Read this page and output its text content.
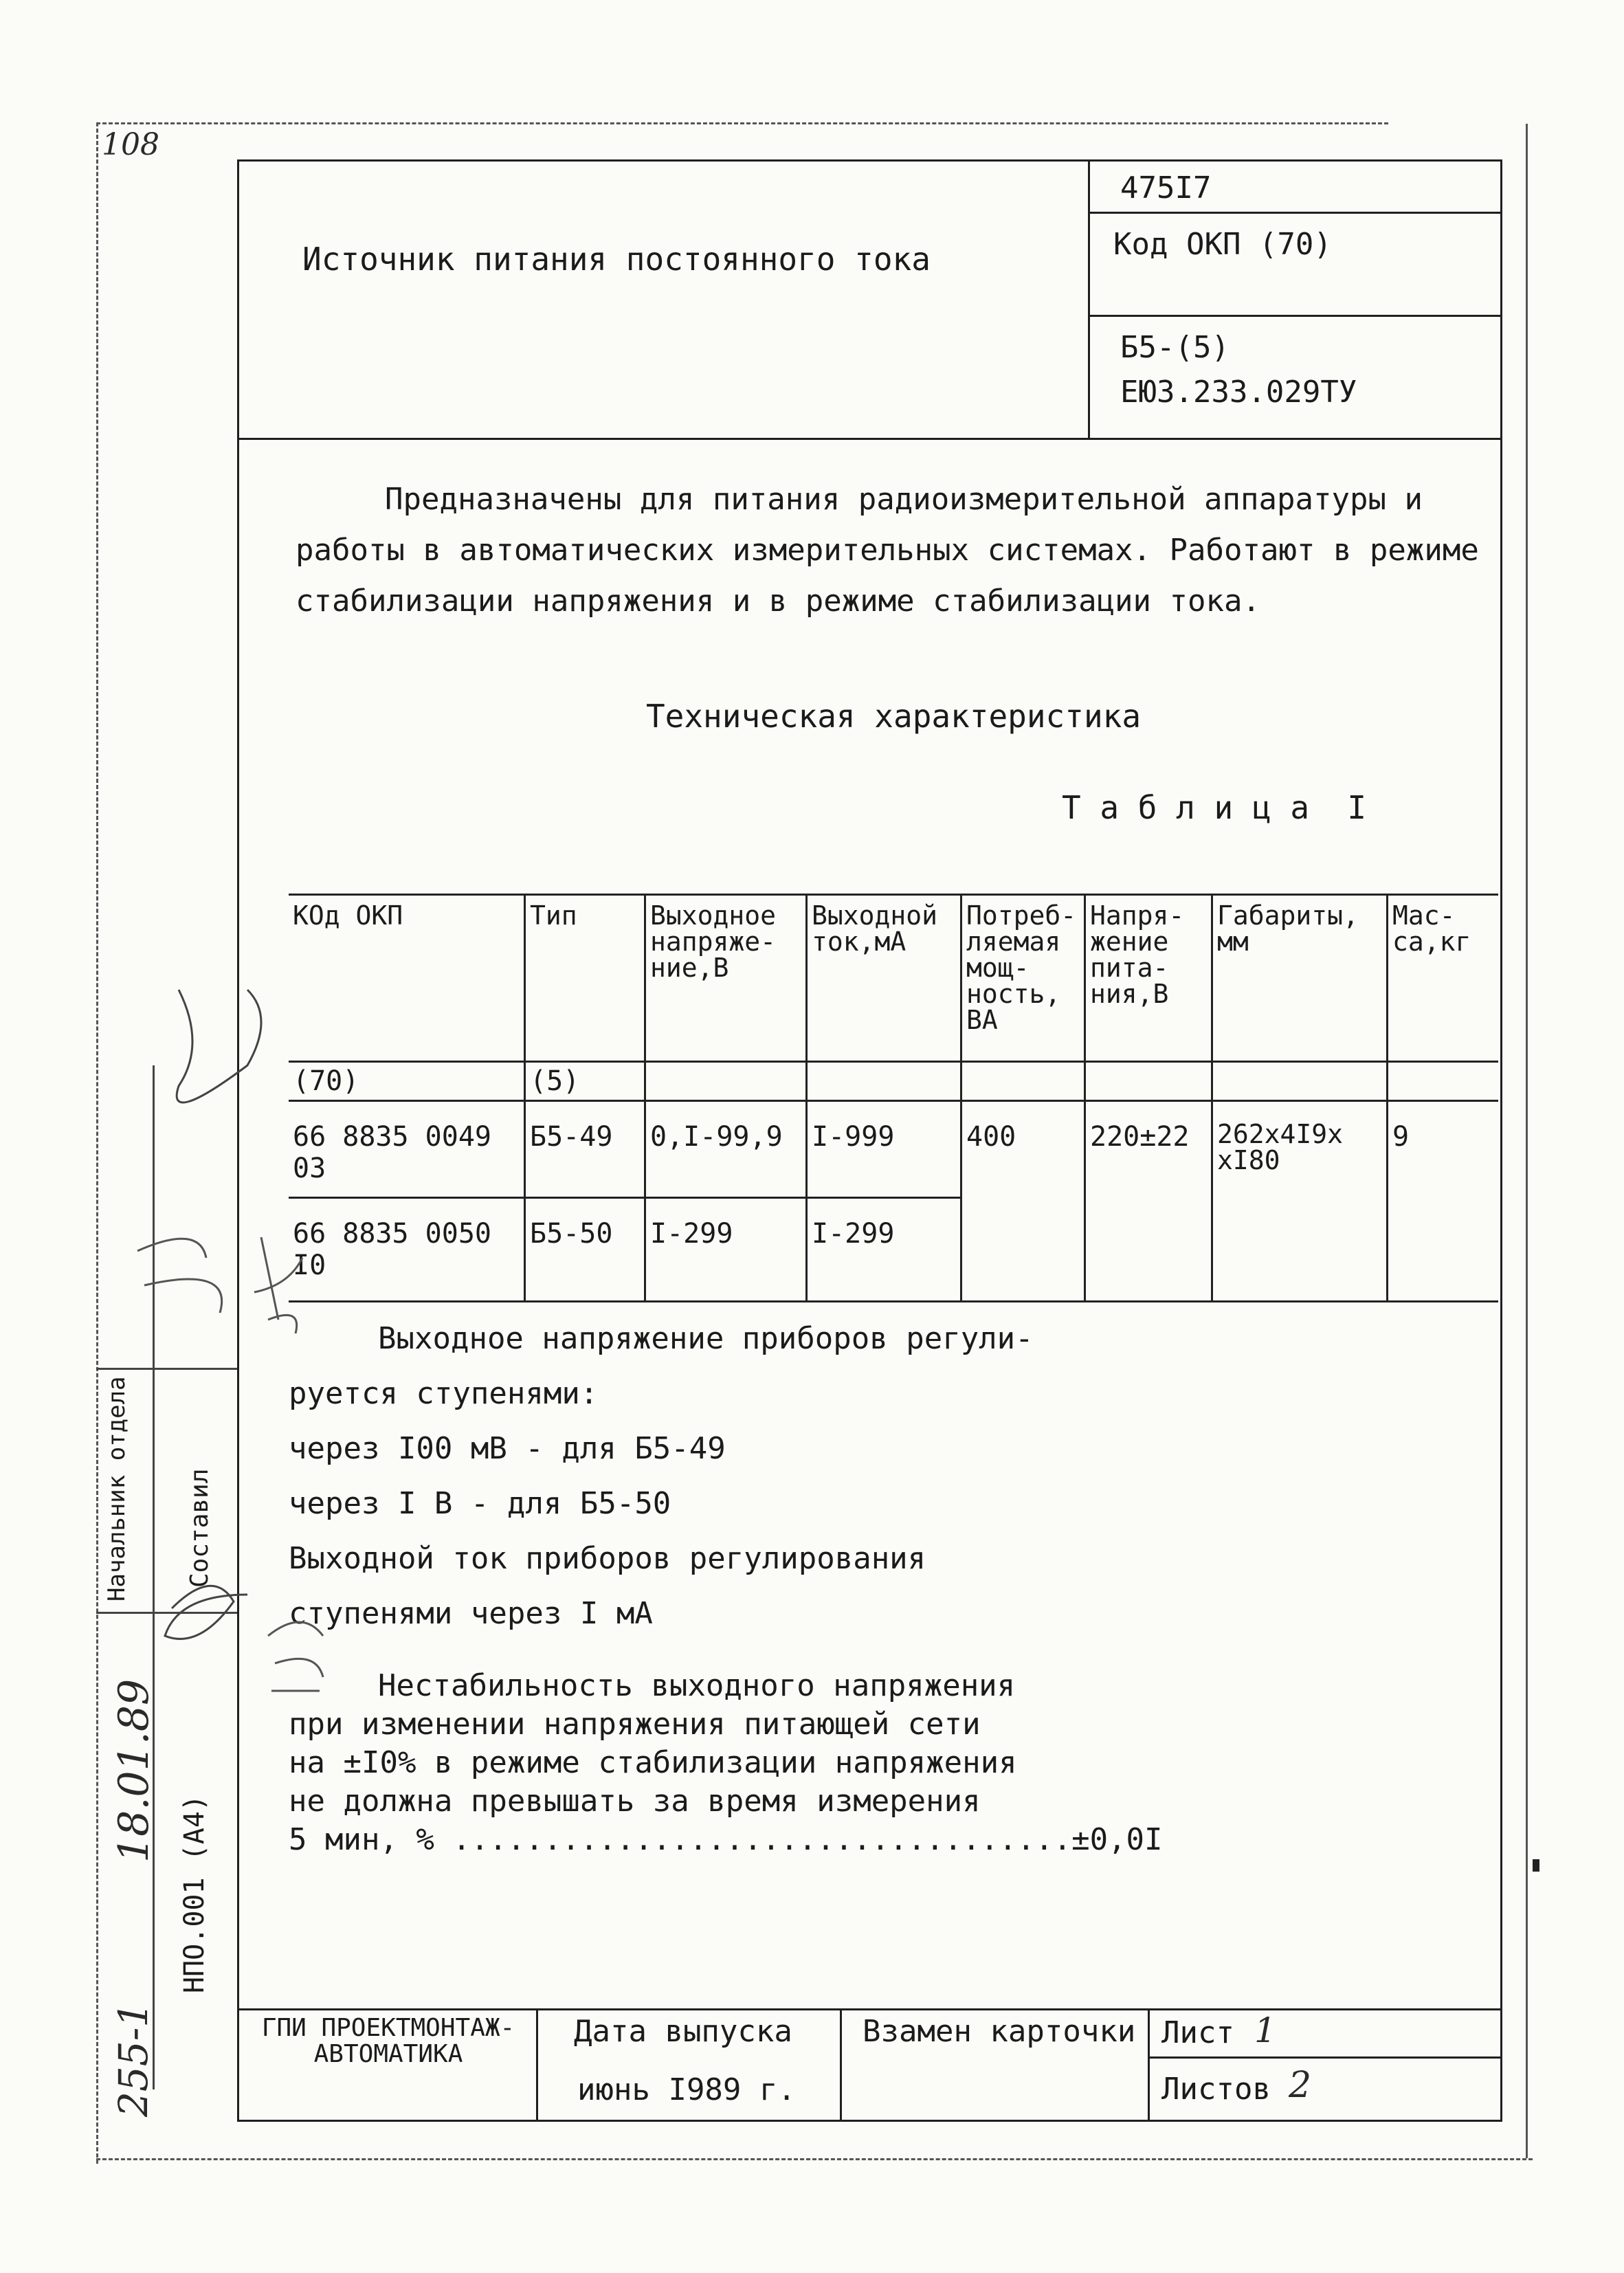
108
Источник питания постоянного тока
475I7
Код ОКП (70)
Б5-(5)
ЕЮ3.233.029ТУ
Предназначены для питания радиоизмерительной аппаратуры и работы в автоматических измерительных системах. Работают в режиме стабилизации напряжения и в режиме стабилизации тока.
Техническая характеристика
Т а б л и ц а  I
КОд ОКП	Тип	Выходное напряже-ние,В	Выходной ток,мА	Потреб-ляемая мощ-ность, ВА	Напря-жение пита-ния,В	Габариты, мм	Мас-са,кг
(70)	(5)						
66 8835 0049 03	Б5-49	0,I-99,9	I-999	400	220±22	262x4I9x xI80	9
66 8835 0050 I0	Б5-50	I-299	I-299				
Выходное напряжение приборов регули-
руется ступенями:
через I00 мВ - для Б5-49
через I В - для Б5-50
Выходной ток приборов регулирования
ступенями через I мА
Нестабильность выходного напряжения
при изменении напряжения питающей сети
на ±I0% в режиме стабилизации напряжения
не должна превышать за время измерения
5 мин, % ..................................±0,0I
ГПИ ПРОЕКТМОНТАЖ-АВТОМАТИКА
Дата выпуска
июнь I989 г.
Взамен карточки Лист 1
Листов 2
Начальник отдела Составил
НПО.001 (А4)
18.01.89
255-1
